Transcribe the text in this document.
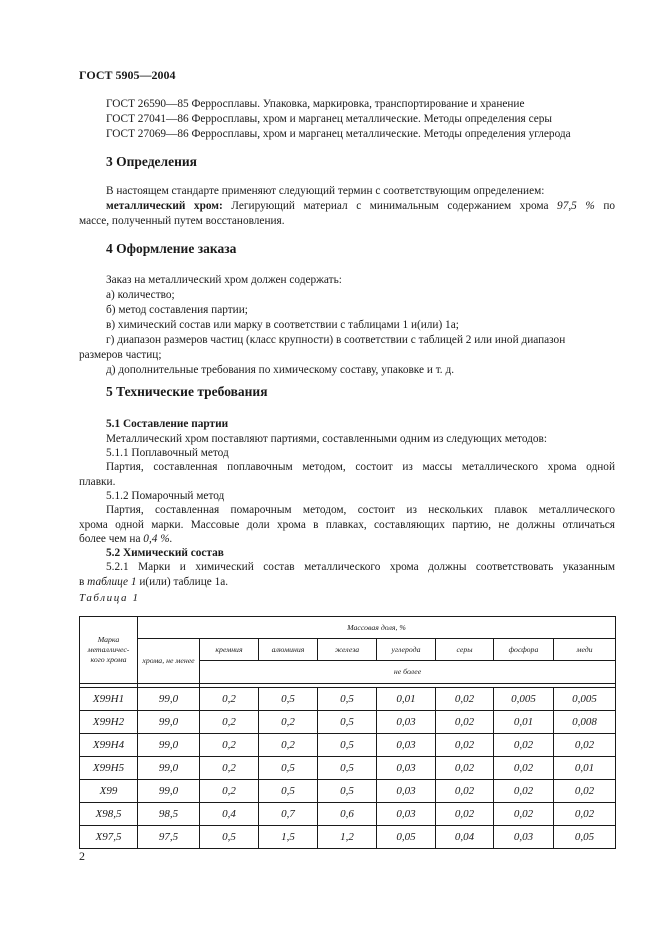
ГОСТ 5905—2004
ГОСТ 26590—85 Ферросплавы. Упаковка, маркировка, транспортирование и хранение
ГОСТ 27041—86 Ферросплавы, хром и марганец металлические. Методы определения серы
ГОСТ 27069—86 Ферросплавы, хром и марганец металлические. Методы определения углерода
3 Определения
В настоящем стандарте применяют следующий термин с соответствующим определением:
металлический хром: Легирующий материал с минимальным содержанием хрома 97,5 % по
массе, полученный путем восстановления.
4 Оформление заказа
Заказ на металлический хром должен содержать:
а) количество;
б) метод составления партии;
в) химический состав или марку в соответствии с таблицами 1 и(или) 1а;
г) диапазон размеров частиц (класс крупности) в соответствии с таблицей 2 или иной диапазон
размеров частиц;
д) дополнительные требования по химическому составу, упаковке и т. д.
5 Технические требования
5.1 Составление партии
Металлический хром поставляют партиями, составленными одним из следующих методов:
5.1.1 Поплавочный метод
Партия, составленная поплавочным методом, состоит из массы металлического хрома одной
плавки.
5.1.2 Помарочный метод
Партия, составленная помарочным методом, состоит из нескольких плавок металлического
хрома одной марки. Массовые доли хрома в плавках, составляющих партию, не должны отличаться
более чем на 0,4 %.
5.2 Химический состав
5.2.1 Марки и химический состав металлического хрома должны соответствовать указанным
в таблице 1 и(или) таблице 1а.
Таблица 1
Марка металличес-кого хрома	Массовая доля, %							
	хрома, не менее	кремния	алюминия	железа	углерода	серы	фосфора	меди
		не более						

Х99Н1	99,0	0,2	0,5	0,5	0,01	0,02	0,005	0,005
Х99Н2	99,0	0,2	0,2	0,5	0,03	0,02	0,01	0,008
Х99Н4	99,0	0,2	0,2	0,5	0,03	0,02	0,02	0,02
Х99Н5	99,0	0,2	0,5	0,5	0,03	0,02	0,02	0,01
Х99	99,0	0,2	0,5	0,5	0,03	0,02	0,02	0,02
Х98,5	98,5	0,4	0,7	0,6	0,03	0,02	0,02	0,02
Х97,5	97,5	0,5	1,5	1,2	0,05	0,04	0,03	0,05
2
